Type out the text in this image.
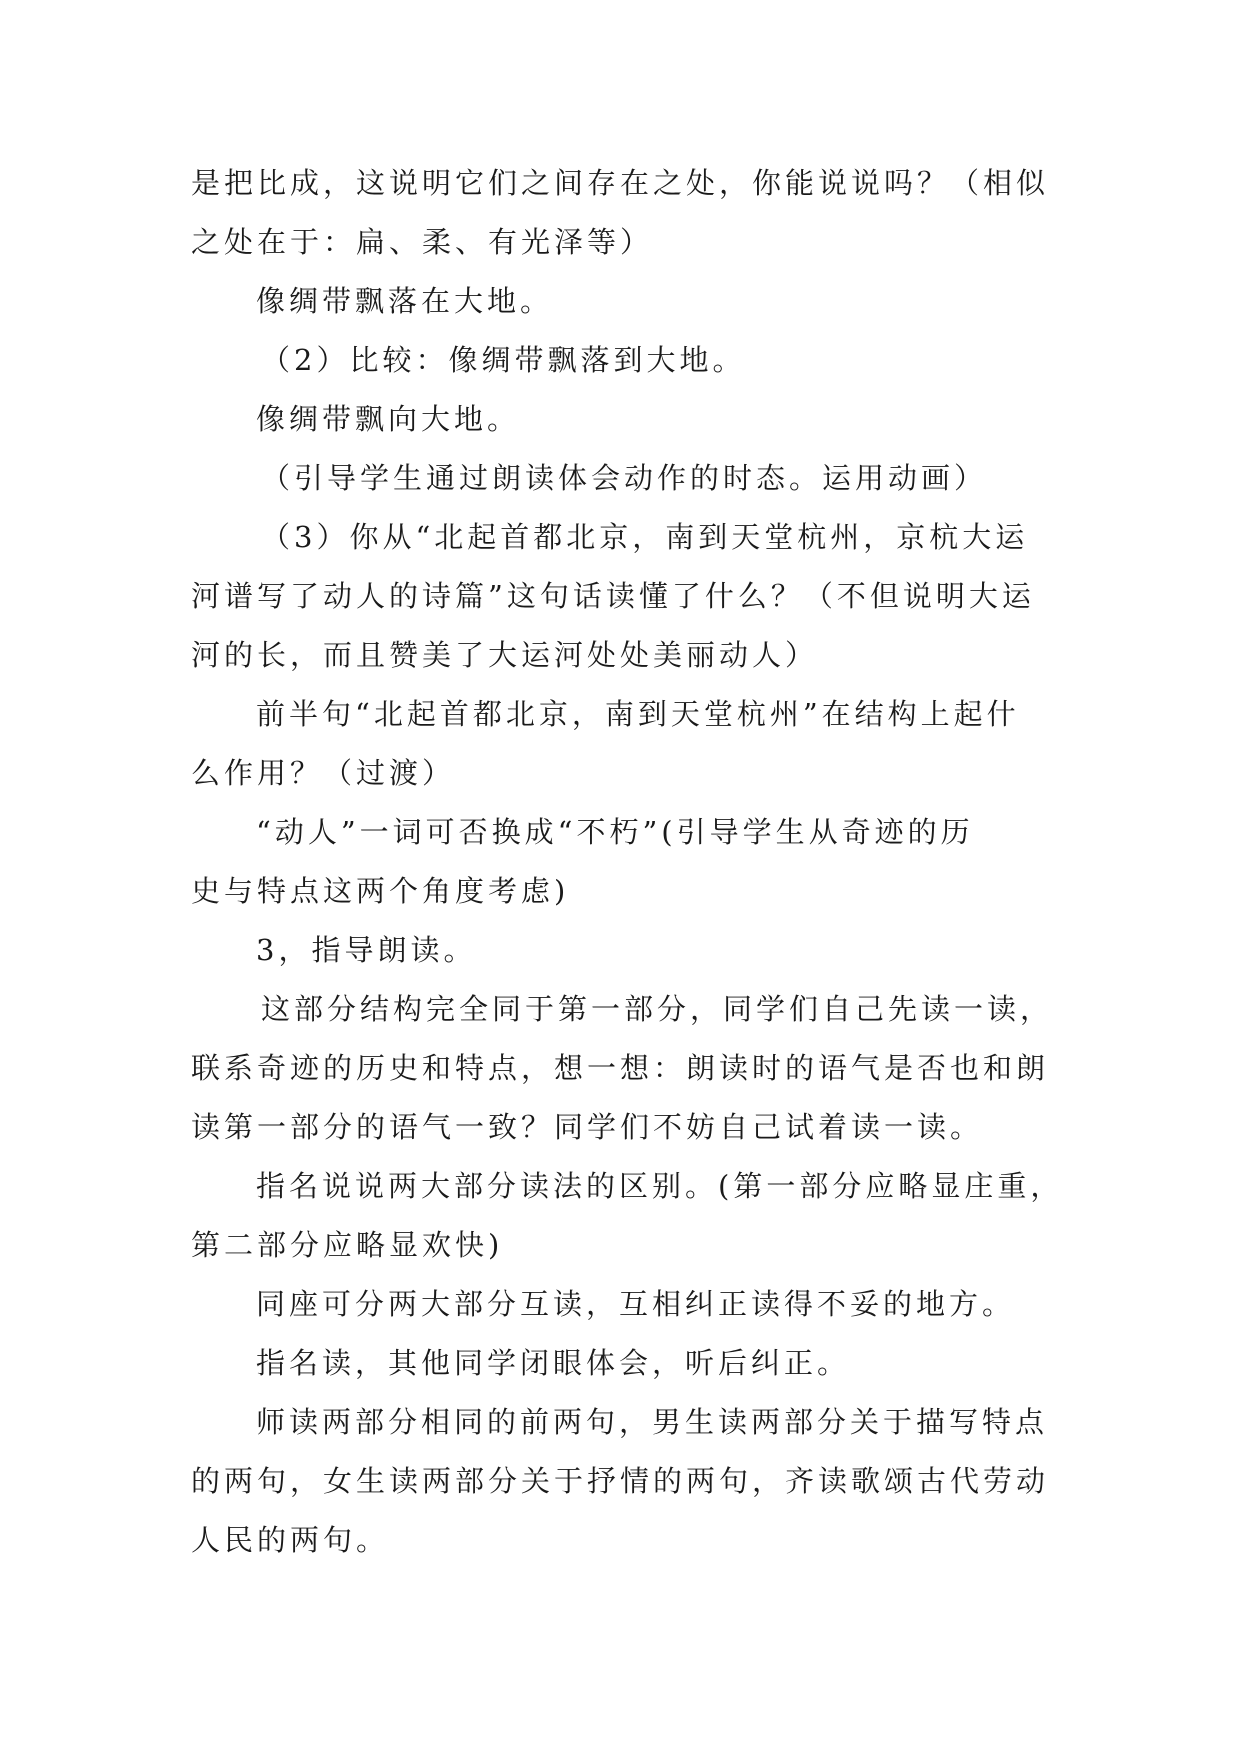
是把比成，这说明它们之间存在之处，你能说说吗？（相似

之处在于：扁、柔、有光泽等）

像绸带飘落在大地。

（2）比较：像绸带飘落到大地。

像绸带飘向大地。

（引导学生通过朗读体会动作的时态。运用动画）

（3）你从“北起首都北京，南到天堂杭州，京杭大运

河谱写了动人的诗篇”这句话读懂了什么？（不但说明大运

河的长，而且赞美了大运河处处美丽动人）

前半句“北起首都北京，南到天堂杭州”在结构上起什

么作用？（过渡）

“动人”一词可否换成“不朽”(引导学生从奇迹的历

史与特点这两个角度考虑)

3，指导朗读。

这部分结构完全同于第一部分，同学们自己先读一读，

联系奇迹的历史和特点，想一想：朗读时的语气是否也和朗

读第一部分的语气一致？同学们不妨自己试着读一读。

指名说说两大部分读法的区别。(第一部分应略显庄重，

第二部分应略显欢快)

同座可分两大部分互读，互相纠正读得不妥的地方。

指名读，其他同学闭眼体会，听后纠正。

师读两部分相同的前两句，男生读两部分关于描写特点

的两句，女生读两部分关于抒情的两句，齐读歌颂古代劳动

人民的两句。
